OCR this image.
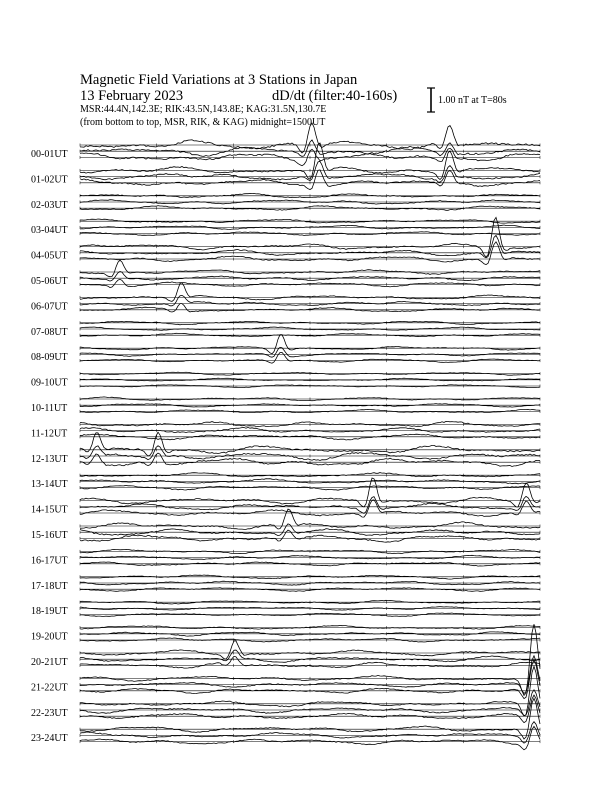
Magnetic Field Variations at 3 Stations in Japan
13 February 2023	dD/dt (filter:40-160s)
MSR:44.4N,142.3E; RIK:43.5N,143.8E; KAG:31.5N,130.7E
(from bottom to top, MSR, RIK, & KAG) midnight=1500UT
1.00 nT at T=80s
00-01UT
01-02UT
02-03UT
03-04UT
04-05UT
05-06UT
06-07UT
07-08UT
08-09UT
09-10UT
10-11UT
11-12UT
12-13UT
13-14UT
14-15UT
15-16UT
16-17UT
17-18UT
18-19UT
19-20UT
20-21UT
21-22UT
22-23UT
23-24UT
